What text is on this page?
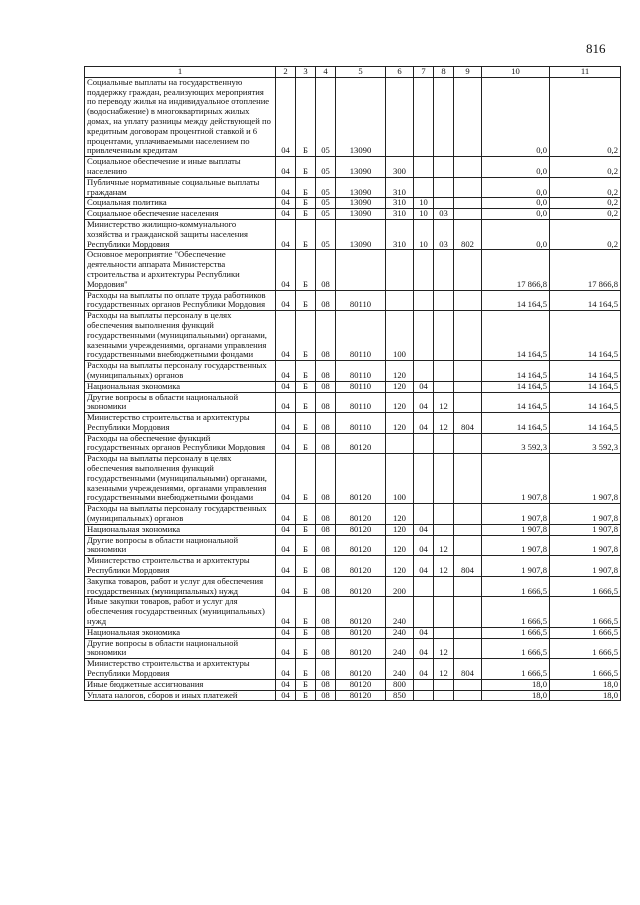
816
1	2	3	4	5	6	7	8	9	10	11

Социальные выплаты на государственную поддержку граждан, реализующих мероприятия по переводу жилья на индивидуальное отопление (водоснабжение) в многоквартирных жилых домах, на уплату разницы между действующей по кредитным договорам процентной ставкой и 6 процентами, уплачиваемыми населением по привлеченным кредитам	04	Б	05	13090					0,0	0,2

Социальное обеспечение и иные выплаты населению	04	Б	05	13090	300				0,0	0,2

Публичные нормативные социальные выплаты гражданам	04	Б	05	13090	310				0,0	0,2

Социальная политика	04	Б	05	13090	310	10			0,0	0,2

Социальное обеспечение населения	04	Б	05	13090	310	10	03		0,0	0,2

Министерство жилищно-коммунального хозяйства и гражданской защиты населения Республики Мордовия	04	Б	05	13090	310	10	03	802	0,0	0,2

Основное мероприятие "Обеспечение деятельности аппарата Министерства строительства и архитектуры Республики Мордовия"	04	Б	08						17 866,8	17 866,8

Расходы на выплаты по оплате труда работников государственных органов Республики Мордовия	04	Б	08	80110					14 164,5	14 164,5

Расходы на выплаты персоналу в целях обеспечения выполнения функций государственными (муниципальными) органами, казенными учреждениями, органами управления государственными внебюджетными фондами	04	Б	08	80110	100				14 164,5	14 164,5

Расходы на выплаты персоналу государственных (муниципальных) органов	04	Б	08	80110	120				14 164,5	14 164,5

Национальная экономика	04	Б	08	80110	120	04			14 164,5	14 164,5

Другие вопросы в области национальной экономики	04	Б	08	80110	120	04	12		14 164,5	14 164,5

Министерство строительства и архитектуры Республики Мордовия	04	Б	08	80110	120	04	12	804	14 164,5	14 164,5

Расходы на обеспечение функций государственных органов Республики Мордовия	04	Б	08	80120					3 592,3	3 592,3

Расходы на выплаты персоналу в целях обеспечения выполнения функций государственными (муниципальными) органами, казенными учреждениями, органами управления государственными внебюджетными фондами	04	Б	08	80120	100				1 907,8	1 907,8

Расходы на выплаты персоналу государственных (муниципальных) органов	04	Б	08	80120	120				1 907,8	1 907,8

Национальная экономика	04	Б	08	80120	120	04			1 907,8	1 907,8

Другие вопросы в области национальной экономики	04	Б	08	80120	120	04	12		1 907,8	1 907,8

Министерство строительства и архитектуры Республики Мордовия	04	Б	08	80120	120	04	12	804	1 907,8	1 907,8

Закупка товаров, работ и услуг для обеспечения государственных (муниципальных) нужд	04	Б	08	80120	200				1 666,5	1 666,5

Иные закупки товаров, работ и услуг для обеспечения государственных (муниципальных) нужд	04	Б	08	80120	240				1 666,5	1 666,5

Национальная экономика	04	Б	08	80120	240	04			1 666,5	1 666,5

Другие вопросы в области национальной экономики	04	Б	08	80120	240	04	12		1 666,5	1 666,5

Министерство строительства и архитектуры Республики Мордовия	04	Б	08	80120	240	04	12	804	1 666,5	1 666,5

Иные бюджетные ассигнования	04	Б	08	80120	800				18,0	18,0

Уплата налогов, сборов и иных платежей	04	Б	08	80120	850				18,0	18,0
